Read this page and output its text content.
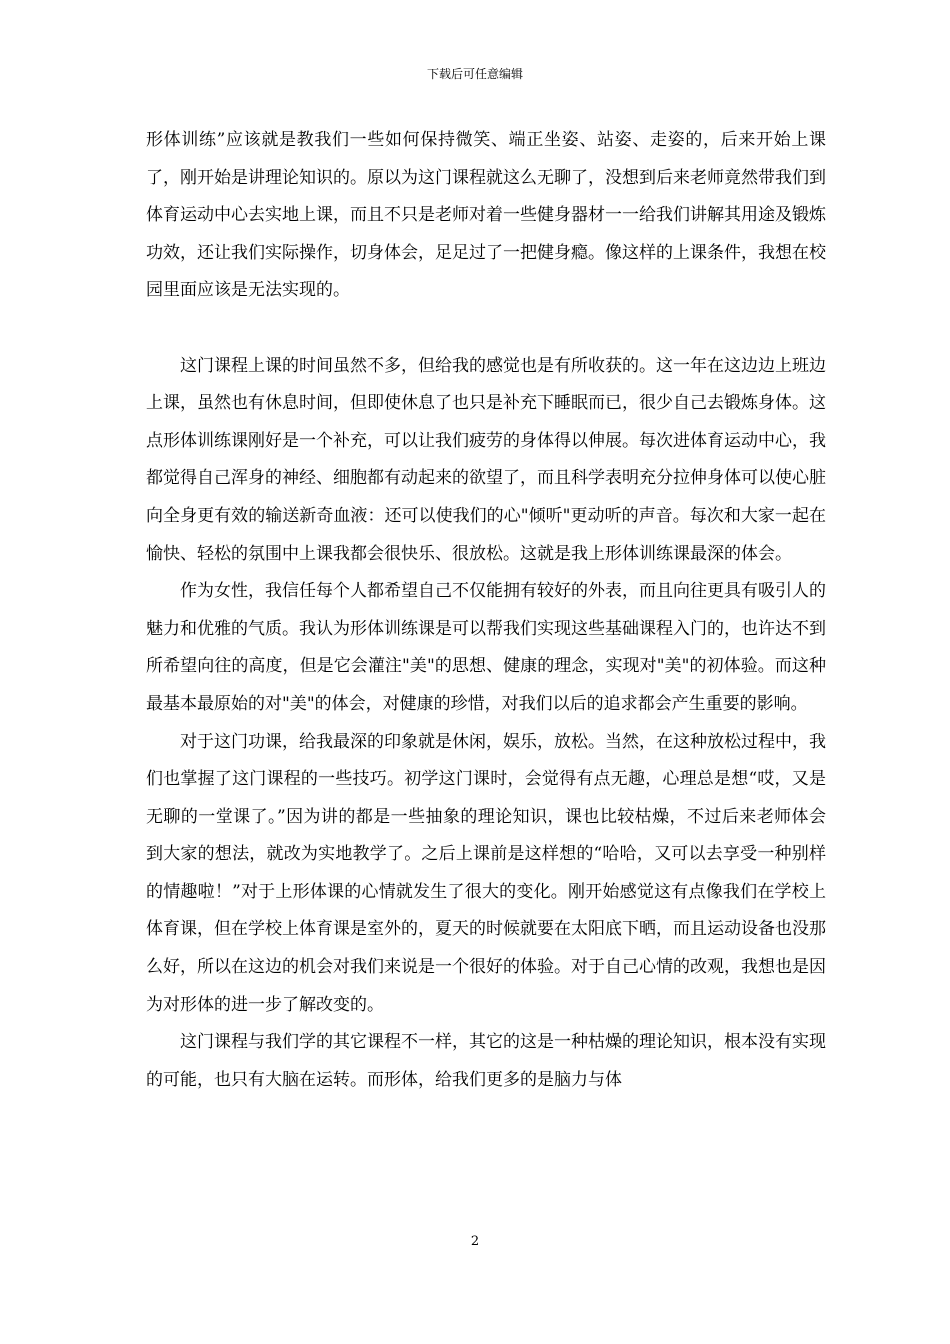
下载后可任意编辑

形体训练”应该就是教我们一些如何保持微笑、端正坐姿、站姿、走姿的，后来开始上课了，刚开始是讲理论知识的。原以为这门课程就这么无聊了，没想到后来老师竟然带我们到体育运动中心去实地上课，而且不只是老师对着一些健身器材一一给我们讲解其用途及锻炼功效，还让我们实际操作，切身体会，足足过了一把健身瘾。像这样的上课条件，我想在校园里面应该是无法实现的。

这门课程上课的时间虽然不多，但给我的感觉也是有所收获的。这一年在这边边上班边上课，虽然也有休息时间，但即使休息了也只是补充下睡眠而已，很少自己去锻炼身体。这点形体训练课刚好是一个补充，可以让我们疲劳的身体得以伸展。每次进体育运动中心，我都觉得自己浑身的神经、细胞都有动起来的欲望了，而且科学表明充分拉伸身体可以使心脏向全身更有效的输送新奇血液：还可以使我们的心"倾听"更动听的声音。每次和大家一起在愉快、轻松的氛围中上课我都会很快乐、很放松。这就是我上形体训练课最深的体会。

作为女性，我信任每个人都希望自己不仅能拥有较好的外表，而且向往更具有吸引人的魅力和优雅的气质。我认为形体训练课是可以帮我们实现这些基础课程入门的，也许达不到所希望向往的高度，但是它会灌注"美"的思想、健康的理念，实现对"美"的初体验。而这种最基本最原始的对"美"的体会，对健康的珍惜，对我们以后的追求都会产生重要的影响。

对于这门功课，给我最深的印象就是休闲，娱乐，放松。当然，在这种放松过程中，我们也掌握了这门课程的一些技巧。初学这门课时，会觉得有点无趣，心理总是想“哎，又是无聊的一堂课了。”因为讲的都是一些抽象的理论知识，课也比较枯燥，不过后来老师体会到大家的想法，就改为实地教学了。之后上课前是这样想的“哈哈，又可以去享受一种别样的情趣啦！”对于上形体课的心情就发生了很大的变化。刚开始感觉这有点像我们在学校上体育课，但在学校上体育课是室外的，夏天的时候就要在太阳底下晒，而且运动设备也没那么好，所以在这边的机会对我们来说是一个很好的体验。对于自己心情的改观，我想也是因为对形体的进一步了解改变的。

这门课程与我们学的其它课程不一样，其它的这是一种枯燥的理论知识，根本没有实现的可能，也只有大脑在运转。而形体，给我们更多的是脑力与体

2
